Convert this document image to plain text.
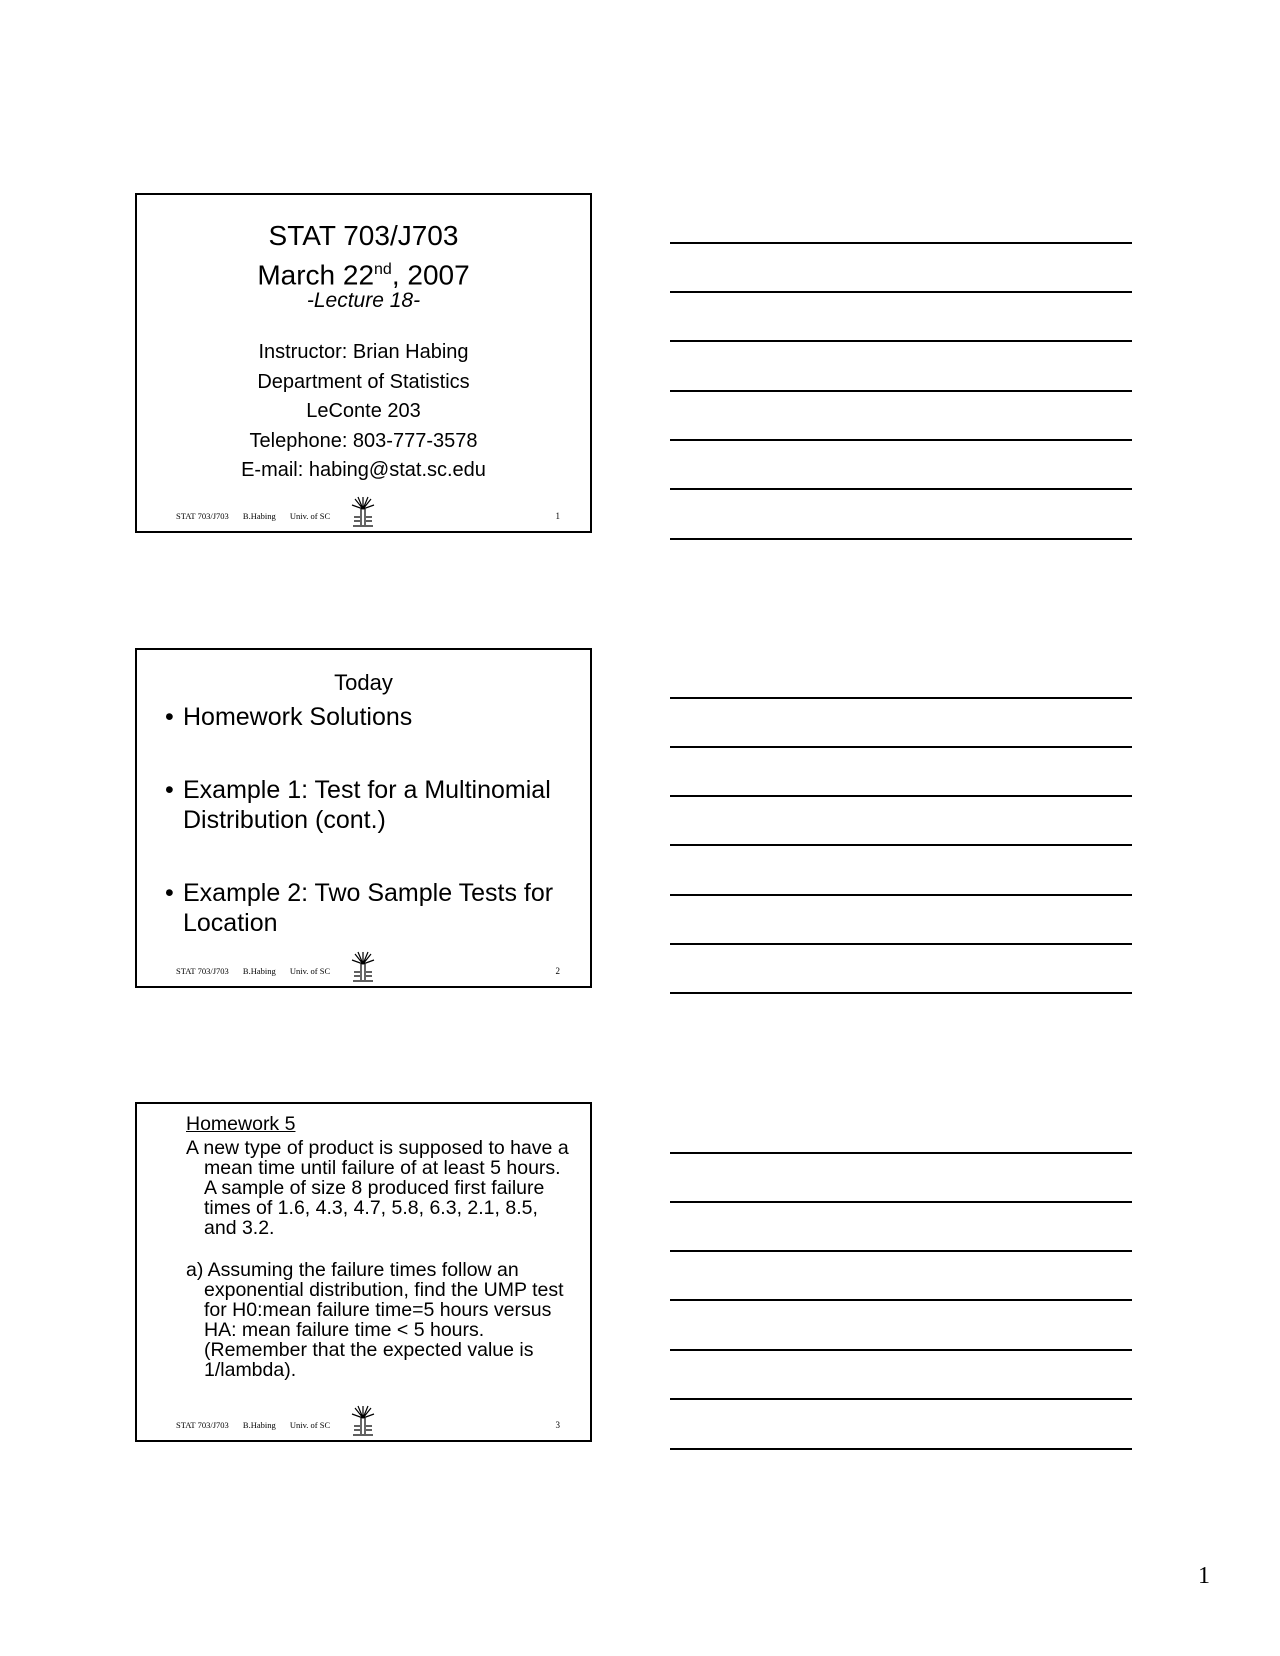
STAT 703/J703
March 22nd, 2007
-Lecture 18-
Instructor: Brian Habing
Department of Statistics
LeConte 203
Telephone: 803-777-3578
E-mail: habing@stat.sc.edu
STAT 703/J703 B.Habing Univ. of SC	1
Today
• Homework Solutions
• Example 1: Test for a Multinomial Distribution (cont.)
• Example 2: Two Sample Tests for Location
STAT 703/J703 B.Habing Univ. of SC	2
Homework 5

A new type of product is supposed to have a mean time until failure of at least 5 hours. A sample of size 8 produced first failure times of 1.6, 4.3, 4.7, 5.8, 6.3, 2.1, 8.5, and 3.2.

a) Assuming the failure times follow an exponential distribution, find the UMP test for H0:mean failure time=5 hours versus HA: mean failure time < 5 hours. (Remember that the expected value is 1/lambda).

STAT 703/J703 B.Habing Univ. of SC	3
1
